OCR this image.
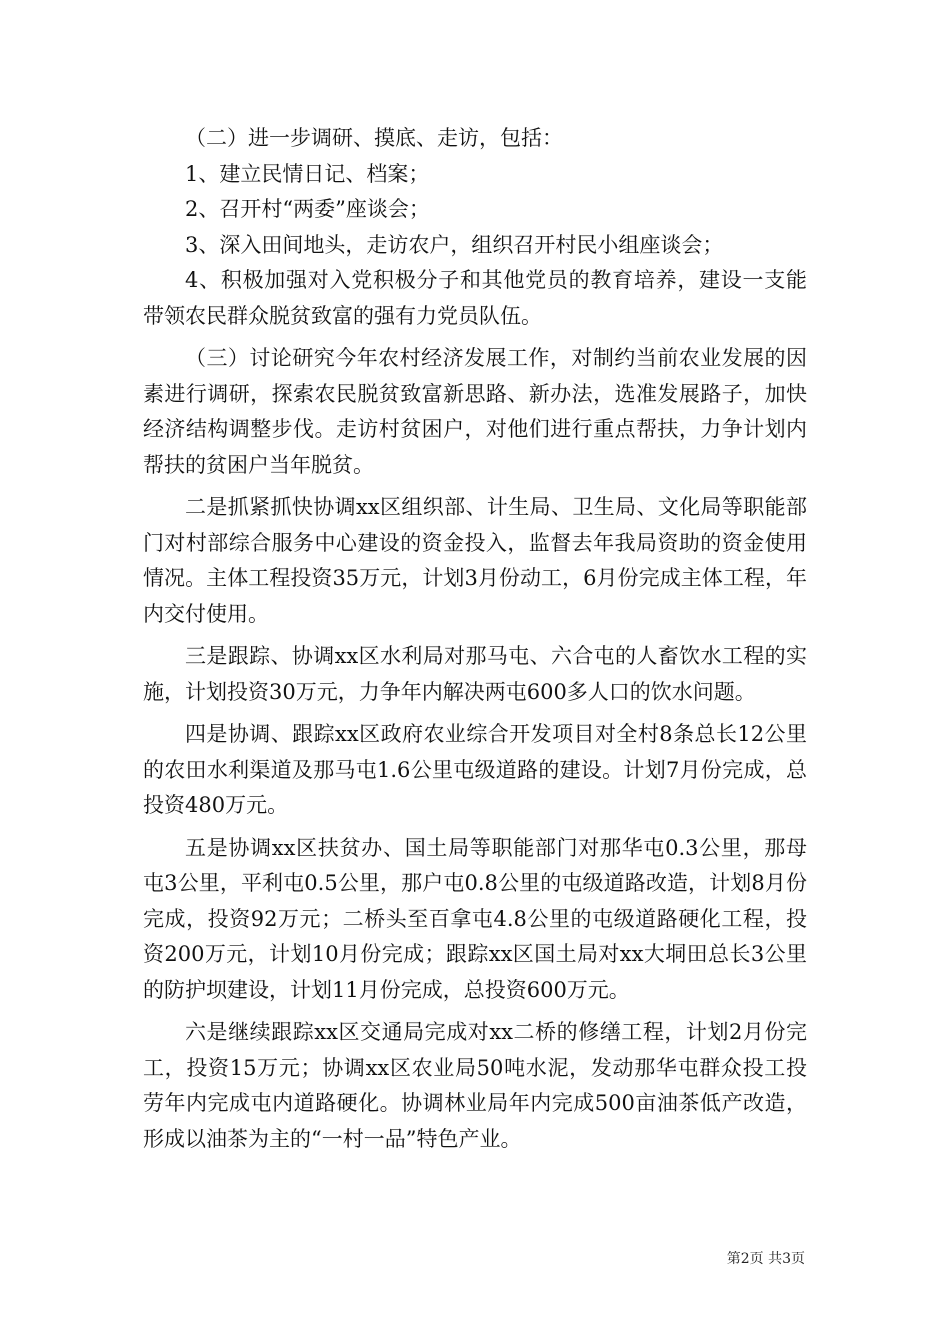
（二）进一步调研、摸底、走访，包括：

1、建立民情日记、档案；

2、召开村“两委”座谈会；

3、深入田间地头，走访农户，组织召开村民小组座谈会；

4、积极加强对入党积极分子和其他党员的教育培养，建设一支能带领农民群众脱贫致富的强有力党员队伍。

（三）讨论研究今年农村经济发展工作，对制约当前农业发展的因素进行调研，探索农民脱贫致富新思路、新办法，选准发展路子，加快经济结构调整步伐。走访村贫困户，对他们进行重点帮扶，力争计划内帮扶的贫困户当年脱贫。

二是抓紧抓快协调xx区组织部、计生局、卫生局、文化局等职能部门对村部综合服务中心建设的资金投入，监督去年我局资助的资金使用情况。主体工程投资35万元，计划3月份动工，6月份完成主体工程，年内交付使用。

三是跟踪、协调xx区水利局对那马屯、六合屯的人畜饮水工程的实施，计划投资30万元，力争年内解决两屯600多人口的饮水问题。

四是协调、跟踪xx区政府农业综合开发项目对全村8条总长12公里的农田水利渠道及那马屯1.6公里屯级道路的建设。计划7月份完成，总投资480万元。

五是协调xx区扶贫办、国土局等职能部门对那华屯0.3公里，那母屯3公里，平利屯0.5公里，那户屯0.8公里的屯级道路改造，计划8月份完成，投资92万元；二桥头至百拿屯4.8公里的屯级道路硬化工程，投资200万元，计划10月份完成；跟踪xx区国土局对xx大垌田总长3公里的防护坝建设，计划11月份完成，总投资600万元。

六是继续跟踪xx区交通局完成对xx二桥的修缮工程，计划2月份完工，投资15万元；协调xx区农业局50吨水泥，发动那华屯群众投工投劳年内完成屯内道路硬化。协调林业局年内完成500亩油茶低产改造，形成以油茶为主的“一村一品”特色产业。

第2页 共3页
